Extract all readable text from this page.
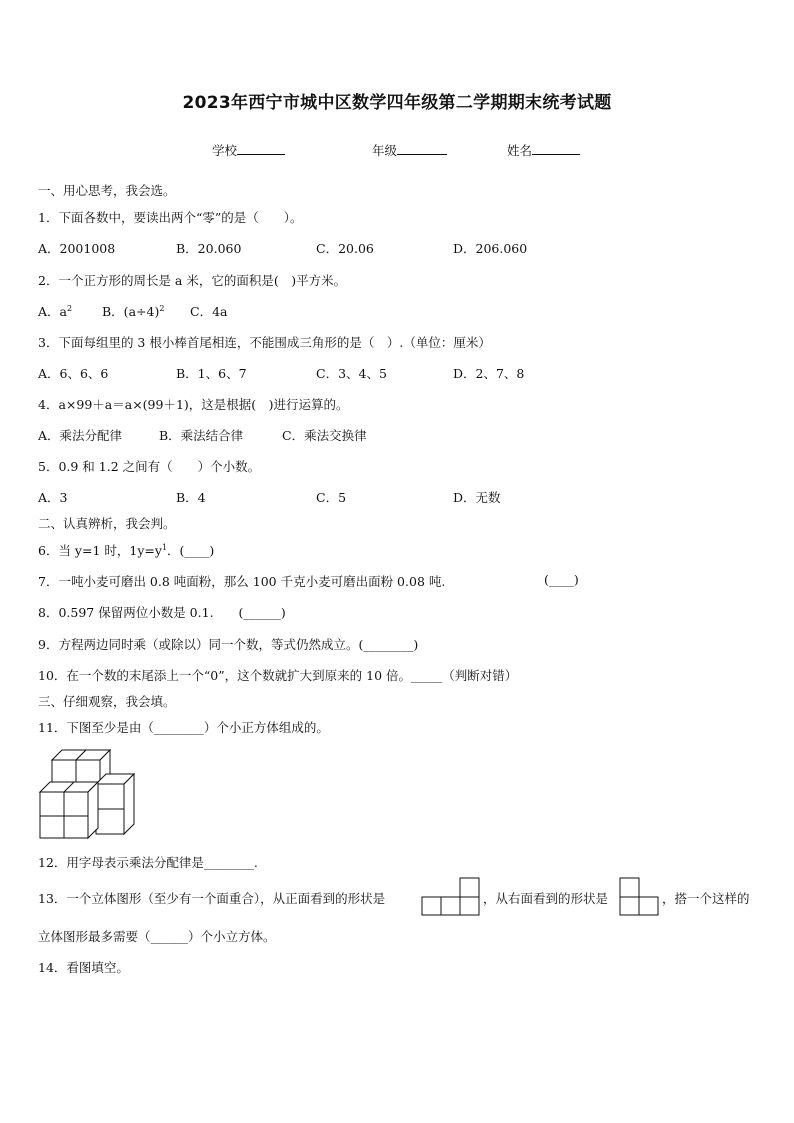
2023年西宁市城中区数学四年级第二学期期末统考试题
学校	年级	姓名
一、用心思考，我会选。
1．下面各数中，要读出两个“零”的是（　　）。
A．2001008	B．20.060	C．20.06	D．206.060
2．一个正方形的周长是 a 米，它的面积是(　)平方米。
A．$a^2$ B．$(a\div 4)^2$ C．4a
3．下面每组里的 3 根小棒首尾相连，不能围成三角形的是（　）.（单位：厘米）
A．6、6、6	B．1、6、7	C．3、4、5	D．2、7、8
4．a×99＋a＝a×(99＋1)，这是根据(　)进行运算的。
A．乘法分配律	B．乘法结合律	C．乘法交换律
5．0.9 和 1.2 之间有（　　）个小数。
A．3	B．4	C．5	D．无数
二、认真辨析，我会判。
6．当 y=1 时，$1y=y^1$．(____)
7．一吨小麦可磨出 0.8 吨面粉，那么 100 千克小麦可磨出面粉 0.08 吨.	(____)
8．0.597 保留两位小数是 0.1.　　(______)
9．方程两边同时乘（或除以）同一个数，等式仍然成立。(________)
10．在一个数的末尾添上一个“0”，这个数就扩大到原来的 10 倍。_____（判断对错）
三、仔细观察，我会填。
11．下图至少是由（________）个小正方体组成的。
12．用字母表示乘法分配律是________.
13．一个立体图形（至少有一个面重合），从正面看到的形状是	，从右面看到的形状是	，搭一个这样的
立体图形最多需要（______）个小立方体。
14．看图填空。
